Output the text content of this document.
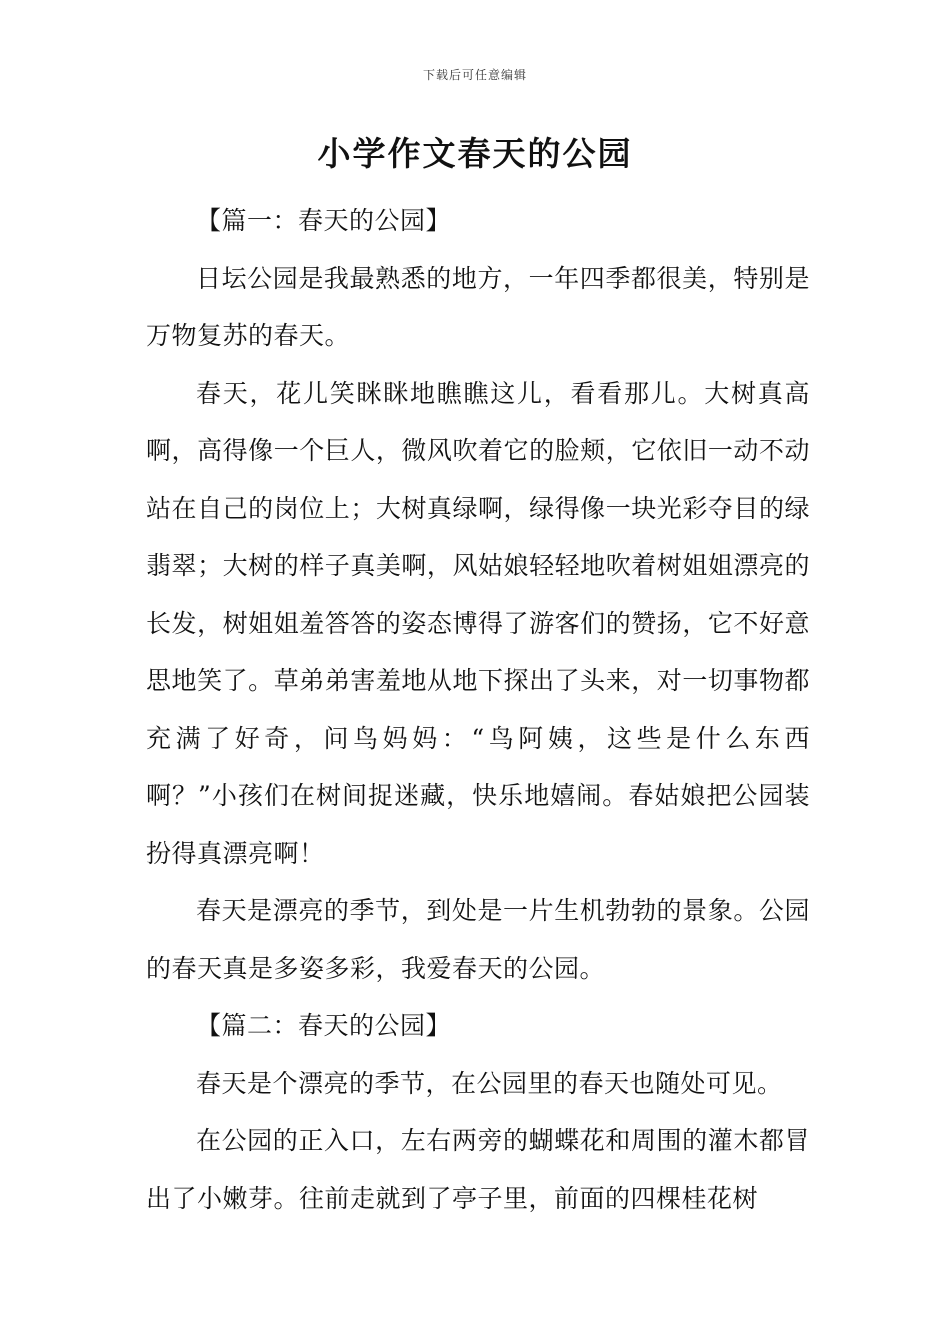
下载后可任意编辑
小学作文春天的公园

【篇一：春天的公园】

日坛公园是我最熟悉的地方，一年四季都很美，特别是万物复苏的春天。

春天，花儿笑眯眯地瞧瞧这儿，看看那儿。大树真高啊，高得像一个巨人，微风吹着它的脸颊，它依旧一动不动站在自己的岗位上；大树真绿啊，绿得像一块光彩夺目的绿翡翠；大树的样子真美啊，风姑娘轻轻地吹着树姐姐漂亮的长发，树姐姐羞答答的姿态博得了游客们的赞扬，它不好意思地笑了。草弟弟害羞地从地下探出了头来，对一切事物都充满了好奇，问鸟妈妈：“鸟阿姨，这些是什么东西啊？”小孩们在树间捉迷藏，快乐地嬉闹。春姑娘把公园装扮得真漂亮啊！

春天是漂亮的季节，到处是一片生机勃勃的景象。公园的春天真是多姿多彩，我爱春天的公园。

【篇二：春天的公园】

春天是个漂亮的季节，在公园里的春天也随处可见。

在公园的正入口，左右两旁的蝴蝶花和周围的灌木都冒出了小嫩芽。往前走就到了亭子里，前面的四棵桂花树
